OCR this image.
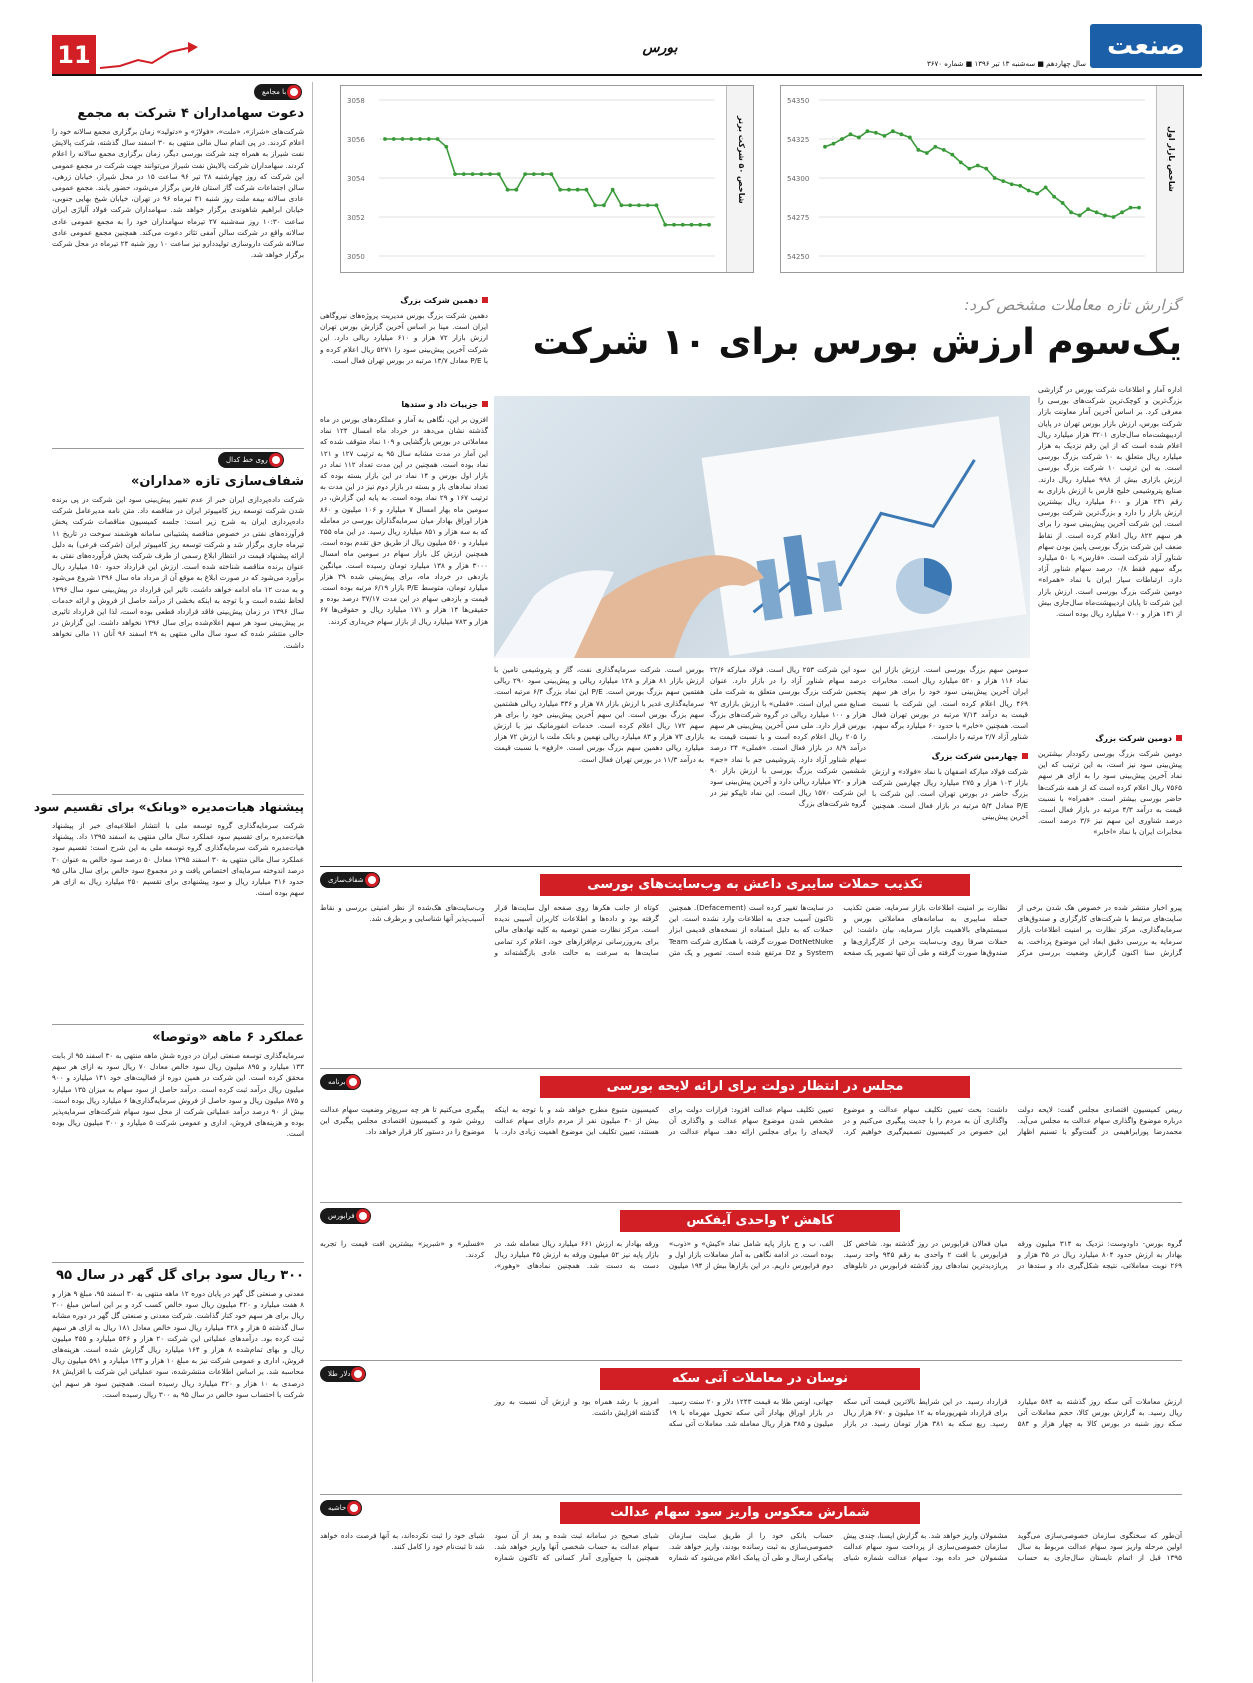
11	بورس
سال چهاردهم ■ سه‌شنبه ۱۳ تیر ۱۳۹۶ ■ شماره ۳۶۷۰
صنعت
شاخص بازار اول
54350
54325
54300
54275
54250
شاخص ۵۰ شرکت برتر
3058
3056
3054
3052
3050
گزارش تازه معاملات مشخص کرد:
یک‌سوم ارزش بورس برای ۱۰ شرکت
اداره آمار و اطلاعات شرکت بورس در گزارشی بزرگ‌ترین و کوچک‌ترین شرکت‌های بورسی را معرفی کرد. بر اساس آخرین آمار معاونت بازار شرکت بورس، ارزش بازار بورس تهران در پایان اردیبهشت‌ماه سال‌جاری ۳۲۰۱ هزار میلیارد ریال اعلام شده است که از این رقم نزدیک به هزار میلیارد ریال متعلق به ۱۰ شرکت بزرگ بورسی است. به این ترتیب ۱۰ شرکت بزرگ بورسی ارزش بازاری بیش از ۹۹۸ میلیارد ریال دارند. صنایع پتروشیمی خلیج فارس با ارزش بازاری به رقم ۲۳۱ هزار و ۶۰۰ میلیارد ریال بیشترین ارزش بازار را دارد و بزرگ‌ترین شرکت بورسی است. این شرکت آخرین پیش‌بینی سود را برای هر سهم ۸۲۲ ریال اعلام کرده است. از نقاط ضعف این شرکت بزرگ بورسی پایین بودن سهام شناور آزاد شرکت است. «فارس» با ۵۰ میلیارد برگه سهم فقط ۰/۸ درصد سهام شناور آزاد دارد. ارتباطات سیار ایران با نماد «همراه» دومین شرکت بزرگ بورسی است. ارزش بازار این شرکت تا پایان اردیبهشت‌ماه سال‌جاری بیش از ۱۳۱ هزار و ۷۰۰ میلیارد ریال بوده است.
دومین شرکت بزرگ
دومین شرکت بزرگ بورسی رکوددار بیشترین پیش‌بینی سود نیز است، به این ترتیب که این نماد آخرین پیش‌بینی سود را به ازای هر سهم ۷۵۶۵ ریال اعلام کرده است که از همه شرکت‌ها حاضر بورسی بیشتر است. «همراه» با نسبت قیمت به درآمد ۴/۳ مرتبه در بازار فعال است. درصد شناوری این سهم نیز ۳/۶ درصد است. مخابرات ایران با نماد «اخابر»
سومین سهم بزرگ بورسی است. ارزش بازار این نماد ۱۱۶ هزار و ۵۲۰ میلیارد ریال است. مخابرات ایران آخرین پیش‌بینی سود خود را برای هر سهم ۴۶۹ ریال اعلام کرده است. این شرکت با نسبت قیمت به درآمد ۷/۱۴ مرتبه در بورس تهران فعال است. همچنین «خابر» با حدود ۶۰ میلیارد برگه سهم، شناور آزاد ۲/۷ مرتبه را داراست.
چهارمین شرکت بزرگ
شرکت فولاد مبارکه اصفهان با نماد «فولاد» و ارزش بازار ۱۰۳ هزار و ۲۷۵ میلیارد ریال چهارمین شرکت بزرگ حاضر در بورس تهران است. این شرکت با P/E معادل ۵/۴ مرتبه در بازار فعال است. همچنین آخرین پیش‌بینی
سود این شرکت ۲۵۳ ریال است. فولاد مبارکه ۲۲/۶ درصد سهام شناور آزاد را در بازار دارد. عنوان پنجمین شرکت بزرگ بورسی متعلق به شرکت ملی صنایع مس ایران است. «فملی» با ارزش بازاری ۹۲ هزار و ۱۰۰ میلیارد ریالی در گروه شرکت‌های بزرگ بورس قرار دارد. ملی مس آخرین پیش‌بینی هر سهم را ۲۰۵ ریال اعلام کرده است و با نسبت قیمت به درآمد ۸/۹ در بازار فعال است. «فملی» ۲۴ درصد سهام شناور آزاد دارد. پتروشیمی جم با نماد «جم» ششمین شرکت بزرگ بورسی با ارزش بازار ۹۰ هزار و ۷۲۰ میلیارد ریالی دارد و آخرین پیش‌بینی سود این شرکت ۱۵۷۰ ریال است. این نماد تاپیکو نیز در گروه شرکت‌های بزرگ
بورس است. شرکت سرمایه‌گذاری نفت، گاز و پتروشیمی تامین با ارزش بازار ۸۱ هزار و ۱۲۸ میلیارد ریالی و پیش‌بینی سود ۲۹۰ ریالی هفتمین سهم بزرگ بورس است. P/E این نماد بزرگ ۶/۴ مرتبه است. سرمایه‌گذاری غدیر با ارزش بازار ۷۸ هزار و ۳۳۶ میلیارد ریالی هشتمین سهم بزرگ بورس است. این سهم آخرین پیش‌بینی خود را برای هر سهم ۱۷۲ ریال اعلام کرده است. خدمات انفورماتیک نیز با ارزش بازاری ۷۳ هزار و ۸۳ میلیارد ریالی نهمین و بانک ملت با ارزش ۷۲ هزار میلیارد ریالی دهمین سهم بزرگ بورس است. «ارفع» با نسبت قیمت به درآمد ۱۱/۳ در بورس تهران فعال است.
دهمین شرکت بزرگ
دهمین شرکت بزرگ بورس مدیریت پروژه‌های نیروگاهی ایران است. مپنا بر اساس آخرین گزارش بورس تهران ارزش بازار ۷۲ هزار و ۶۱۰ میلیارد ریالی دارد. این شرکت آخرین پیش‌بینی سود را ۵۲۷۱ ریال اعلام کرده و با P/E معادل ۱۳/۷ مرتبه در بورس تهران فعال است.
جزییات داد و ستدها
افزون بر این، نگاهی به آمار و عملکردهای بورس در ماه گذشته نشان می‌دهد در خرداد ماه امسال ۱۲۴ نماد معاملاتی در بورس بازگشایی و ۱۰۹ نماد متوقف شده که این آمار در مدت مشابه سال ۹۵ به ترتیب ۱۲۷ و ۱۲۱ نماد بوده است. همچنین در این مدت تعداد ۱۱۲ نماد در بازار اول بورس و ۱۴ نماد در این بازار بسته بوده که تعداد نمادهای باز و بسته در بازار دوم نیز در این مدت به ترتیب ۱۶۷ و ۲۹ نماد بوده است. به پایه این گزارش، در سومین ماه بهار امسال ۷ میلیارد و ۱۰۶ میلیون و ۸۶۰ هزار اوراق بهادار میان سرمایه‌گذاران بورسی در معامله که به سه هزار و ۸۵۱ میلیارد ریال رسید. در این ماه ۲۵۵ میلیارد و ۵۶۰ میلیون ریال از طریق حق تقدم بوده است. همچنین ارزش کل بازار سهام در سومین ماه امسال ۳۰۰۰ هزار و ۱۳۸ میلیارد تومان رسیده است. میانگین بازدهی در خرداد ماه، برای پیش‌بینی شده ۳۹ هزار میلیارد تومان، متوسط P/E بازار ۶/۱۹ مرتبه بوده است. قیمت و بازدهی سهام در این مدت ۳۷/۱۷ درصد بوده و حقیقی‌ها ۱۴ هزار و ۱۷۱ میلیارد ریال و حقوقی‌ها ۶۷ هزار و ۷۸۳ میلیارد ریال از بازار سهام خریداری کردند.
با مجامع
دعوت سهامداران ۴ شرکت به مجمع
شرکت‌های «شراز»، «ملت»، «فولاژ» و «دتولید» زمان برگزاری مجمع سالانه خود را اعلام کردند. در پی اتمام سال مالی منتهی به ۳۰ اسفند سال گذشته، شرکت پالایش نفت شیراز به همراه چند شرکت بورسی دیگر، زمان برگزاری مجمع سالانه را اعلام کردند. سهامداران شرکت پالایش نفت شیراز می‌توانند جهت شرکت در مجمع عمومی این شرکت که روز چهارشنبه ۲۸ تیر ۹۶ ساعت ۱۵ در محل شیراز، خیابان زرهی، سالن اجتماعات شرکت گاز استان فارس برگزار می‌شود، حضور یابند. مجمع عمومی عادی سالانه بیمه ملت روز شنبه ۳۱ تیرماه ۹۶ در تهران، خیابان شیخ بهایی جنوبی، خیابان ابراهیم شاهوندی برگزار خواهد شد. سهامداران شرکت فولاد آلیاژی ایران ساعت ۱۰:۳۰ روز سه‌شنبه ۲۷ تیرماه سهامداران خود را به مجمع عمومی عادی سالانه واقع در شرکت سالن آمفی تئاتر دعوت می‌کند. همچنین مجمع عمومی عادی سالانه شرکت داروسازی تولیددارو نیز ساعت ۱۰ روز شنبه ۲۴ تیرماه در محل شرکت برگزار خواهد شد.
روی خط کدال
شفاف‌سازی تازه «مداران»
شرکت داده‌پردازی ایران خبر از عدم تغییر پیش‌بینی سود این شرکت در پی برنده شدن شرکت توسعه ریز کامپیوتر ایران در مناقصه داد. متن نامه مدیرعامل شرکت داده‌پردازی ایران به شرح زیر است: جلسه کمیسیون مناقصات شرکت پخش فرآورده‌های نفتی در خصوص مناقصه پشتیبانی سامانه هوشمند سوخت در تاریخ ۱۱ تیرماه جاری برگزار شد و شرکت توسعه ریز کامپیوتر ایران (شرکت فرعی) به دلیل ارائه پیشنهاد قیمت در انتظار ابلاغ رسمی از طرف شرکت پخش فرآورده‌های نفتی به عنوان برنده مناقصه شناخته شده است. ارزش این قرارداد حدود ۱۵۰ میلیارد ریال برآورد می‌شود که در صورت ابلاغ به موقع آن از مرداد ماه سال ۱۳۹۶ شروع می‌شود و به مدت ۱۲ ماه ادامه خواهد داشت. تاثیر این قرارداد در پیش‌بینی سود سال ۱۳۹۶ لحاظ نشده است و با توجه به اینکه بخشی از درآمد حاصل از فروش و ارائه خدمات سال ۱۳۹۶ در زمان پیش‌بینی فاقد قرارداد قطعی بوده است، لذا این قرارداد تاثیری بر پیش‌بینی سود هر سهم اعلام‌شده برای سال ۱۳۹۶ نخواهد داشت. این گزارش در حالی منتشر شده که سود سال مالی منتهی به ۲۹ اسفند ۹۶ آنان ۱۱ مالی نخواهد داشت.
پیشنهاد هیات‌مدیره «وبانک» برای تقسیم سود
شرکت سرمایه‌گذاری گروه توسعه ملی با انتشار اطلاعیه‌ای خبر از پیشنهاد هیات‌مدیره برای تقسیم سود عملکرد سال مالی منتهی به اسفند ۱۳۹۵ داد. پیشنهاد هیات‌مدیره شرکت سرمایه‌گذاری گروه توسعه ملی به این شرح است: تقسیم سود عملکرد سال مالی منتهی به ۳۰ اسفند ۱۳۹۵ معادل ۵۰ درصد سود خالص به عنوان ۲۰ درصد اندوخته سرمایه‌ای اختصاص یافت و در مجموع سود خالص برای سال مالی ۹۵ حدود ۴۱۶ میلیارد ریال و سود پیشنهادی برای تقسیم ۲۵۰ میلیارد ریال به ازای هر سهم بوده است.
عملکرد ۶ ماهه «وتوصا»
سرمایه‌گذاری توسعه صنعتی ایران در دوره شش ماهه منتهی به ۳۰ اسفند ۹۵ از بابت ۱۳۳ میلیارد و ۸۹۵ میلیون ریال سود خالص معادل ۷۰ ریال سود به ازای هر سهم محقق کرده است. این شرکت در همین دوره از فعالیت‌های خود ۱۴۱ میلیارد و ۹۰۰ میلیون ریال درآمد ثبت کرده است. درآمد حاصل از سود سهام به میزان ۱۳۵ میلیارد و ۸۷۵ میلیون ریال و سود حاصل از فروش سرمایه‌گذاری‌ها ۶ میلیارد ریال بوده است. بیش از ۹۰ درصد درآمد عملیاتی شرکت از محل سود سهام شرکت‌های سرمایه‌پذیر بوده و هزینه‌های فروش، اداری و عمومی شرکت ۵ میلیارد و ۳۰۰ میلیون ریال بوده است.
۳۰۰ ریال سود برای گل گهر در سال ۹۵
معدنی و صنعتی گل گهر در پایان دوره ۱۲ ماهه منتهی به ۳۰ اسفند ۹۵، مبلغ ۹ هزار و ۸ هفت میلیارد و ۴۲۰ میلیون ریال سود خالص کسب کرد و بر این اساس مبلغ ۳۰۰ ریال برای هر سهم خود کنار گذاشت. شرکت معدنی و صنعتی گل گهر در دوره مشابه سال گذشته ۵ هزار و ۴۲۸ میلیارد ریال سود خالص معادل ۱۸۱ ریال به ازای هر سهم ثبت کرده بود. درآمدهای عملیاتی این شرکت ۲۰ هزار و ۵۳۶ میلیارد و ۴۵۵ میلیون ریال و بهای تمام‌شده ۸ هزار و ۱۶۴ میلیارد ریال گزارش شده است. هزینه‌های فروش، اداری و عمومی شرکت نیز به مبلغ ۱۰ هزار و ۱۴۳ میلیارد و ۵۹۱ میلیون ریال محاسبه شد. بر اساس اطلاعات منتشرشده، سود عملیاتی این شرکت با افزایش ۶۸ درصدی به ۱۰ هزار و ۴۲۰ میلیارد ریال رسیده است. همچنین سود هر سهم این شرکت با احتساب سود خالص در سال ۹۵ به ۳۰۰ ریال رسیده است.
شفاف‌سازی	تکذیب حملات سایبری داعش به وب‌سایت‌های بورسی
پیرو اخبار منتشر شده در خصوص هک شدن برخی از سایت‌های مرتبط با شرکت‌های کارگزاری و صندوق‌های سرمایه‌گذاری، مرکز نظارت بر امنیت اطلاعات بازار سرمایه به بررسی دقیق ابعاد این موضوع پرداخت. به گزارش سنا اکنون گزارش وضعیت بررسی مرکز نظارت بر امنیت اطلاعات بازار سرمایه، ضمن تکذیب حمله سایبری به سامانه‌های معاملاتی بورس و سیستم‌های بالاهمیت بازار سرمایه، بیان داشت: این حملات صرفا روی وب‌سایت برخی از کارگزاری‌ها و صندوق‌ها صورت گرفته و طی آن تنها تصویر یک صفحه در سایت‌ها تغییر کرده است (Defacement). همچنین تاکنون آسیب جدی به اطلاعات وارد نشده است. این حملات که به دلیل استفاده از نسخه‌های قدیمی ابزار DotNetNuke صورت گرفته، با همکاری شرکت Team System و Dz مرتفع شده است. تصویر و یک متن کوتاه از جانب هکرها روی صفحه اول سایت‌ها قرار گرفته بود و داده‌ها و اطلاعات کاربران آسیبی ندیده است. مرکز نظارت ضمن توصیه به کلیه نهادهای مالی برای به‌روزرسانی نرم‌افزارهای خود، اعلام کرد تمامی سایت‌ها به سرعت به حالت عادی بازگشته‌اند و وب‌سایت‌های هک‌شده از نظر امنیتی بررسی و نقاط آسیب‌پذیر آنها شناسایی و برطرف شد.
برنامه	مجلس در انتظار دولت برای ارائه لایحه بورسی
رییس کمیسیون اقتصادی مجلس گفت: لایحه دولت درباره موضوع واگذاری سهام عدالت به مجلس می‌آید. محمدرضا پورابراهیمی در گفت‌وگو با تسنیم اظهار داشت: بحث تعیین تکلیف سهام عدالت و موضوع واگذاری آن به مردم را با جدیت پیگیری می‌کنیم و در این خصوص در کمیسیون تصمیم‌گیری خواهیم کرد. تعیین تکلیف سهام عدالت افزود: قرارات دولت برای مشخص شدن موضوع سهام عدالت و واگذاری آن لایحه‌ای را برای مجلس ارائه دهد. سهام عدالت در کمیسیون متبوع مطرح خواهد شد و با توجه به اینکه بیش از ۴۰ میلیون نفر از مردم دارای سهام عدالت هستند، تعیین تکلیف این موضوع اهمیت زیادی دارد. با پیگیری می‌کنیم تا هر چه سریع‌تر وضعیت سهام عدالت روشن شود و کمیسیون اقتصادی مجلس پیگیری این موضوع را در دستور کار قرار خواهد داد.
فرابورس	کاهش ۲ واحدی آیفکس
گروه بورس- داودوست: نزدیک به ۳۱۴ میلیون ورقه بهادار به ارزش حدود ۸۰۴ میلیارد ریال در ۳۵ هزار و ۲۶۹ نوبت معاملاتی، نتیجه شکل‌گیری داد و ستدها در میان فعالان فرابورس در روز گذشته بود. شاخص کل فرابورس با افت ۲ واحدی به رقم ۹۴۵ واحد رسید. پربازدیدترین نمادهای روز گذشته فرابورس در تابلوهای الف، ب و ج بازار پایه شامل نماد «کیش» و «ذوب» بوده است. در ادامه نگاهی به آمار معاملات بازار اول و دوم فرابورس داریم. در این بازارها بیش از ۱۹۴ میلیون ورقه بهادار به ارزش ۶۶۱ میلیارد ریال معامله شد. در بازار پایه نیز ۵۲ میلیون ورقه به ارزش ۴۵ میلیارد ریال دست به دست شد. همچنین نمادهای «وهور»، «فسلیر» و «شبریز» بیشترین افت قیمت را تجربه کردند.
دلار طلا	نوسان در معاملات آتی سکه
ارزش معاملات آتی سکه روز گذشته به ۵۸۴ میلیارد ریال رسید. به گزارش بورس کالا، حجم معاملات آتی سکه روز شنبه در بورس کالا به چهار هزار و ۵۸۴ قرارداد رسید. در این شرایط بالاترین قیمت آتی سکه برای قرارداد شهریورماه به ۱۲ میلیون و ۶۷۰ هزار ریال رسید. ربع سکه به ۳۸۱ هزار تومان رسید. در بازار جهانی، اونس طلا به قیمت ۱۲۴۳ دلار و ۲۰ سنت رسید. در بازار اوراق بهادار آتی سکه تحویل مهرماه با ۱۹ میلیون و ۳۸۵ هزار ریال معامله شد. معاملات آتی سکه امروز با رشد همراه بود و ارزش آن نسبت به روز گذشته افزایش داشت.
حاشیه	شمارش معکوس واریز سود سهام عدالت
آن‌طور که سخنگوی سازمان خصوصی‌سازی می‌گوید اولین مرحله واریز سود سهام عدالت مربوط به سال ۱۳۹۵ قبل از اتمام تابستان سال‌جاری به حساب مشمولان واریز خواهد شد. به گزارش ایسنا، چندی پیش سازمان خصوصی‌سازی از پرداخت سود سهام عدالت مشمولان خبر داده بود. سهام عدالت شماره شبای حساب بانکی خود را از طریق سایت سازمان خصوصی‌سازی به ثبت رسانده بودند، واریز خواهد شد. پیامکی ارسال و طی آن پیامک اعلام می‌شود که شماره شبای صحیح در سامانه ثبت شده و بعد از آن سود سهام عدالت به حساب شخصی آنها واریز خواهد شد. همچنین با جمع‌آوری آمار کسانی که تاکنون شماره شبای خود را ثبت نکرده‌اند، به آنها فرصت داده خواهد شد تا ثبت‌نام خود را کامل کنند.
